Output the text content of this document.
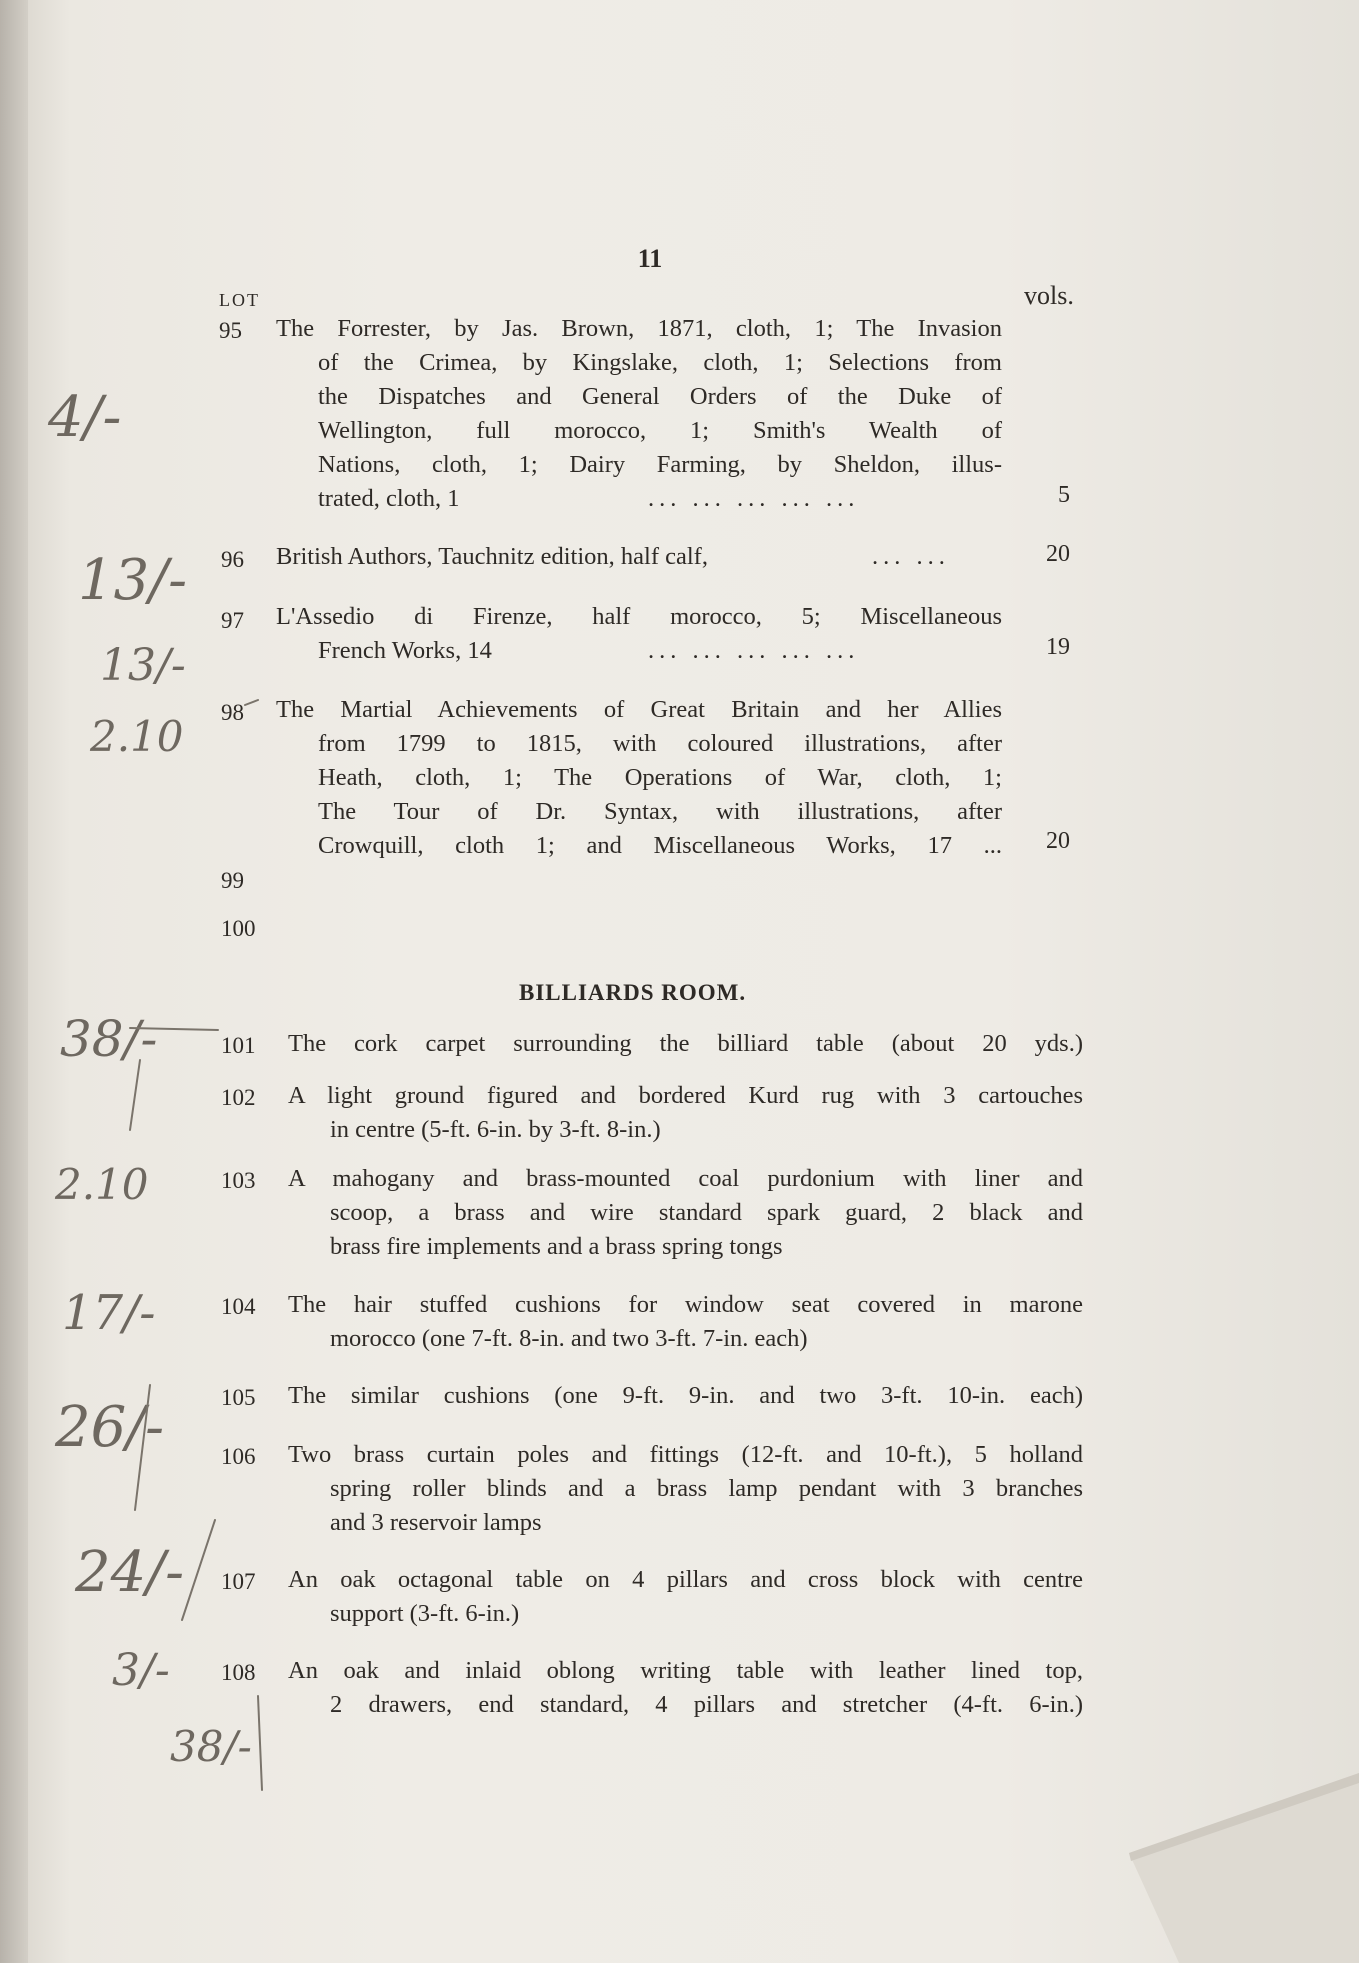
11
LOT	vols.
95	The Forrester, by Jas. Brown, 1871, cloth, 1; The Invasion
of the Crimea, by Kingslake, cloth, 1; Selections from
the Dispatches and General Orders of the Duke of
Wellington, full morocco, 1; Smith's Wealth of
Nations, cloth, 1; Dairy Farming, by Sheldon, illus-
trated, cloth, 1	... ... ... ... ...	5
96	British Authors, Tauchnitz edition, half calf,	... ...	20
97	L'Assedio di Firenze, half morocco, 5; Miscellaneous
French Works, 14	... ... ... ... ...	19
98	The Martial Achievements of Great Britain and her Allies
from 1799 to 1815, with coloured illustrations, after
Heath, cloth, 1; The Operations of War, cloth, 1;
The Tour of Dr. Syntax, with illustrations, after
Crowquill, cloth 1; and Miscellaneous Works, 17 ...	20
99
100
BILLIARDS ROOM.
101	The cork carpet surrounding the billiard table (about 20 yds.)
102	A light ground figured and bordered Kurd rug with 3 cartouches
in centre (5-ft. 6-in. by 3-ft. 8-in.)
103	A mahogany and brass-mounted coal purdonium with liner and
scoop, a brass and wire standard spark guard, 2 black and
brass fire implements and a brass spring tongs
104	The hair stuffed cushions for window seat covered in marone
morocco (one 7-ft. 8-in. and two 3-ft. 7-in. each)
105	The similar cushions (one 9-ft. 9-in. and two 3-ft. 10-in. each)
106	Two brass curtain poles and fittings (12-ft. and 10-ft.), 5 holland
spring roller blinds and a brass lamp pendant with 3 branches
and 3 reservoir lamps
107	An oak octagonal table on 4 pillars and cross block with centre
support (3-ft. 6-in.)
108	An oak and inlaid oblong writing table with leather lined top,
2 drawers, end standard, 4 pillars and stretcher (4-ft. 6-in.)
4/-
13/-
13/-
2.10
38/-
2.10
17/-
26/-
24/-
3/-
38/-
